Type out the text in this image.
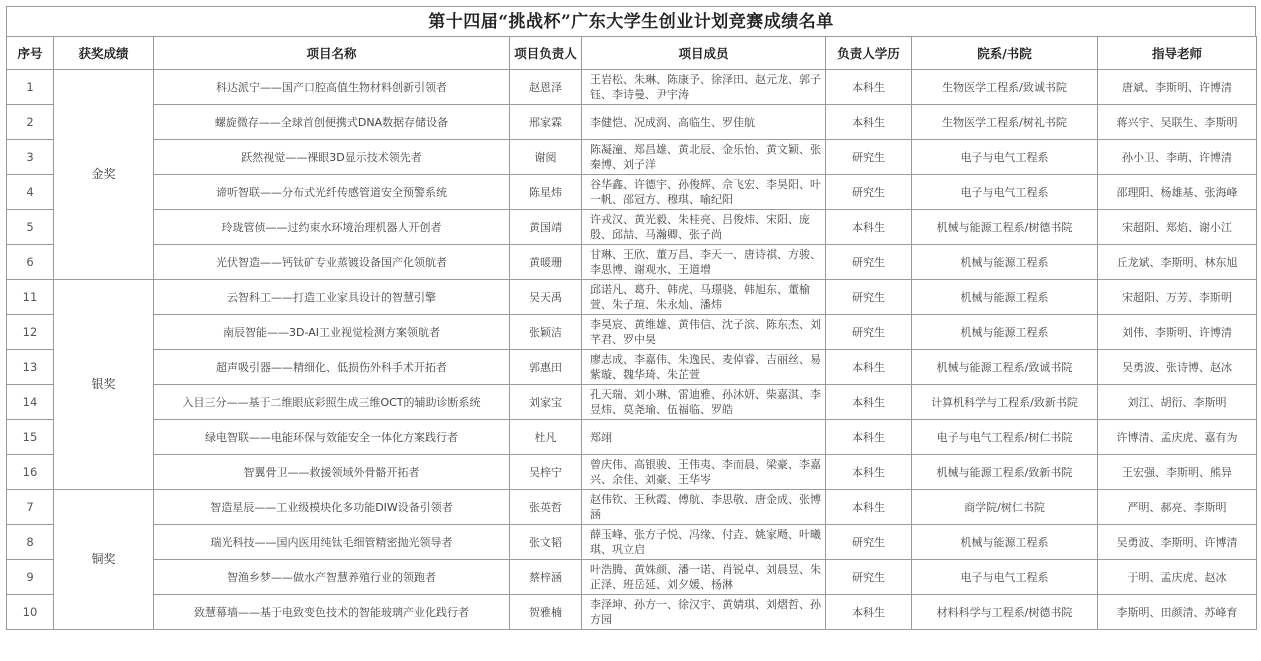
第十四届“挑战杯”广东大学生创业计划竞赛成绩名单
序号	获奖成绩	项目名称	项目负责人	项目成员	负责人学历	院系/书院	指导老师
1	金奖	科达派宁——国产口腔高值生物材料创新引领者	赵恩泽	王岩松、朱琳、陈康予、徐泽田、赵元龙、郭子钰、李诗曼、尹宇涛	本科生	生物医学工程系/致诚书院	唐斌、李斯明、许博清
2		螺旋微存——全球首创便携式DNA数据存储设备	邢家霖	李健恺、况成润、高临生、罗佳航	本科生	生物医学工程系/树礼书院	蒋兴宇、吴联生、李斯明
3		跃然视觉——裸眼3D显示技术领先者	谢阅	陈凝潼、郑昌雄、黄北辰、金乐怡、黄文颖、张秦博、刘子洋	研究生	电子与电气工程系	孙小卫、李萌、许博清
4		谛听智联——分布式光纤传感管道安全预警系统	陈星炜	谷华鑫、许德宇、孙俊辉、佘飞宏、李昊阳、叶一帆、邵冠方、穆琪、喻纪阳	研究生	电子与电气工程系	邵理阳、杨雄基、张海峰
5		玲珑管侦——过约束水环境治理机器人开创者	黄国靖	许戎汉、黄光毅、朱桂亮、吕俊炜、宋阳、庞殷、邱喆、马瀚卿、张子尚	本科生	机械与能源工程系/树德书院	宋超阳、郑焰、谢小江
6		光伏智造——钙钛矿专业蒸镀设备国产化领航者	黄暖珊	甘琳、王欣、董万昌、李天一、唐诗祺、方骏、李思博、谢观水、王道增	研究生	机械与能源工程系	丘龙斌、李斯明、林东旭
11	银奖	云智科工——打造工业家具设计的智慧引擎	吴天禹	邱诺凡、葛升、韩虎、马璟骁、韩旭东、董榆萱、朱子瑄、朱永灿、潘炜	研究生	机械与能源工程系	宋超阳、万芳、李斯明
12		南辰智能——3D-AI工业视觉检测方案领航者	张颖洁	李昊宸、黄维雄、黄伟信、沈子滨、陈东杰、刘芊君、罗中昊	研究生	机械与能源工程系	刘伟、李斯明、许博清
13		超声吸引器——精细化、低损伤外科手术开拓者	郭惠田	廖志成、李嘉伟、朱逸民、麦倬睿、吉丽丝、易紫璇、魏华琦、朱芷萱	本科生	机械与能源工程系/致诚书院	吴勇波、张诗博、赵冰
14		入目三分——基于二维眼底彩照生成三维OCT的辅助诊断系统	刘家宝	孔天瑞、刘小琳、雷迪雅、孙沐妍、柴嘉淇、李昱炜、莫尧瑜、伍福临、罗皓	本科生	计算机科学与工程系/致新书院	刘江、胡衍、李斯明
15		绿电智联——电能环保与效能安全一体化方案践行者	杜凡	郑翊	本科生	电子与电气工程系/树仁书院	许博清、孟庆虎、嘉有为
16		智翼骨卫——救援领域外骨骼开拓者	吴梓宁	曾庆伟、高银骏、王伟夷、李而晨、梁豪、李嘉兴、余佳、刘豪、王华岑	本科生	机械与能源工程系/致新书院	王宏强、李斯明、熊异
7	铜奖	智造星辰——工业级模块化多功能DIW设备引领者	张英哲	赵伟钦、王秋霞、傅航、李思敬、唐金成、张博涵	本科生	商学院/树仁书院	严明、郝亮、李斯明
8		瑞光科技——国内医用纯钛毛细管精密抛光领导者	张文韬	薛玉峰、张方子悦、冯缘、付垚、姚家飏、叶曦琪、巩立启	研究生	机械与能源工程系	吴勇波、李斯明、许博清
9		智渔乡梦——做水产智慧养殖行业的领跑者	蔡梓涵	叶浩腾、黄姝颜、潘一诺、肖锐卓、刘晨昱、朱正泽、班岳延、刘夕媛、杨淋	研究生	电子与电气工程系	于明、孟庆虎、赵冰
10		致慧幕墙——基于电致变色技术的智能玻璃产业化践行者	贺雅楠	李泽坤、孙方一、徐汉宇、黄婧琪、刘熠哲、孙方园	本科生	材料科学与工程系/树德书院	李斯明、田颜清、苏峰育
